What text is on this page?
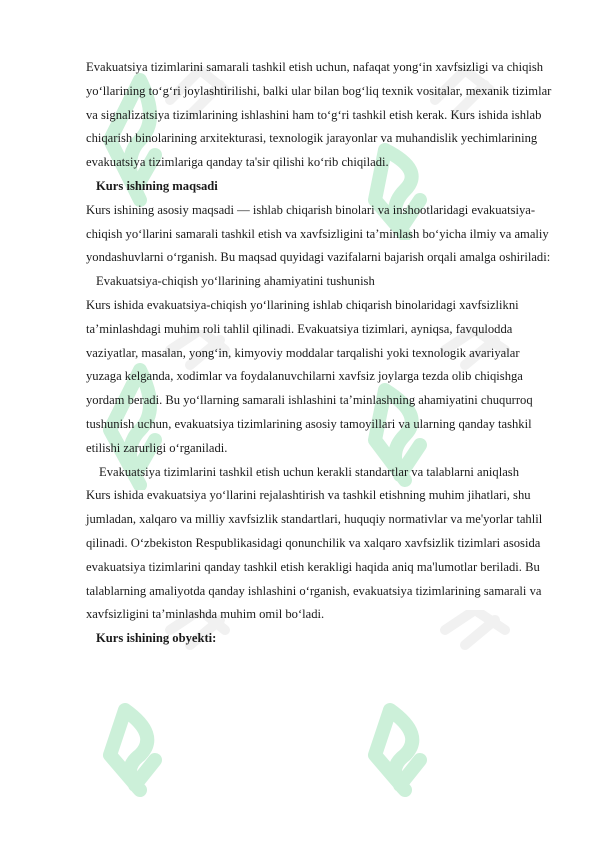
Evakuatsiya tizimlarini samarali tashkil etish uchun, nafaqat yong‘in xavfsizligi va chiqish yo‘llarining to‘g‘ri joylashtirilishi, balki ular bilan bog‘liq texnik vositalar, mexanik tizimlar va signalizatsiya tizimlarining ishlashini ham to‘g‘ri tashkil etish kerak. Kurs ishida ishlab chiqarish binolarining arxitekturasi, texnologik jarayonlar va muhandislik yechimlarining evakuatsiya tizimlariga qanday ta'sir qilishi ko‘rib chiqiladi.

Kurs ishining maqsadi

Kurs ishining asosiy maqsadi — ishlab chiqarish binolari va inshootlaridagi evakuatsiya-chiqish yo‘llarini samarali tashkil etish va xavfsizligini ta’minlash bo‘yicha ilmiy va amaliy yondashuvlarni o‘rganish. Bu maqsad quyidagi vazifalarni bajarish orqali amalga oshiriladi:

Evakuatsiya-chiqish yo‘llarining ahamiyatini tushunish

Kurs ishida evakuatsiya-chiqish yo‘llarining ishlab chiqarish binolaridagi xavfsizlikni ta’minlashdagi muhim roli tahlil qilinadi. Evakuatsiya tizimlari, ayniqsa, favqulodda vaziyatlar, masalan, yong‘in, kimyoviy moddalar tarqalishi yoki texnologik avariyalar yuzaga kelganda, xodimlar va foydalanuvchilarni xavfsiz joylarga tezda olib chiqishga yordam beradi. Bu yo‘llarning samarali ishlashini ta’minlashning ahamiyatini chuqurroq tushunish uchun, evakuatsiya tizimlarining asosiy tamoyillari va ularning qanday tashkil etilishi zarurligi o‘rganiladi.

Evakuatsiya tizimlarini tashkil etish uchun kerakli standartlar va talablarni aniqlash

Kurs ishida evakuatsiya yo‘llarini rejalashtirish va tashkil etishning muhim jihatlari, shu jumladan, xalqaro va milliy xavfsizlik standartlari, huquqiy normativlar va me'yorlar tahlil qilinadi. O‘zbekiston Respublikasidagi qonunchilik va xalqaro xavfsizlik tizimlari asosida evakuatsiya tizimlarini qanday tashkil etish kerakligi haqida aniq ma'lumotlar beriladi. Bu talablarning amaliyotda qanday ishlashini o‘rganish, evakuatsiya tizimlarining samarali va xavfsizligini ta’minlashda muhim omil bo‘ladi.

Kurs ishining obyekti:
